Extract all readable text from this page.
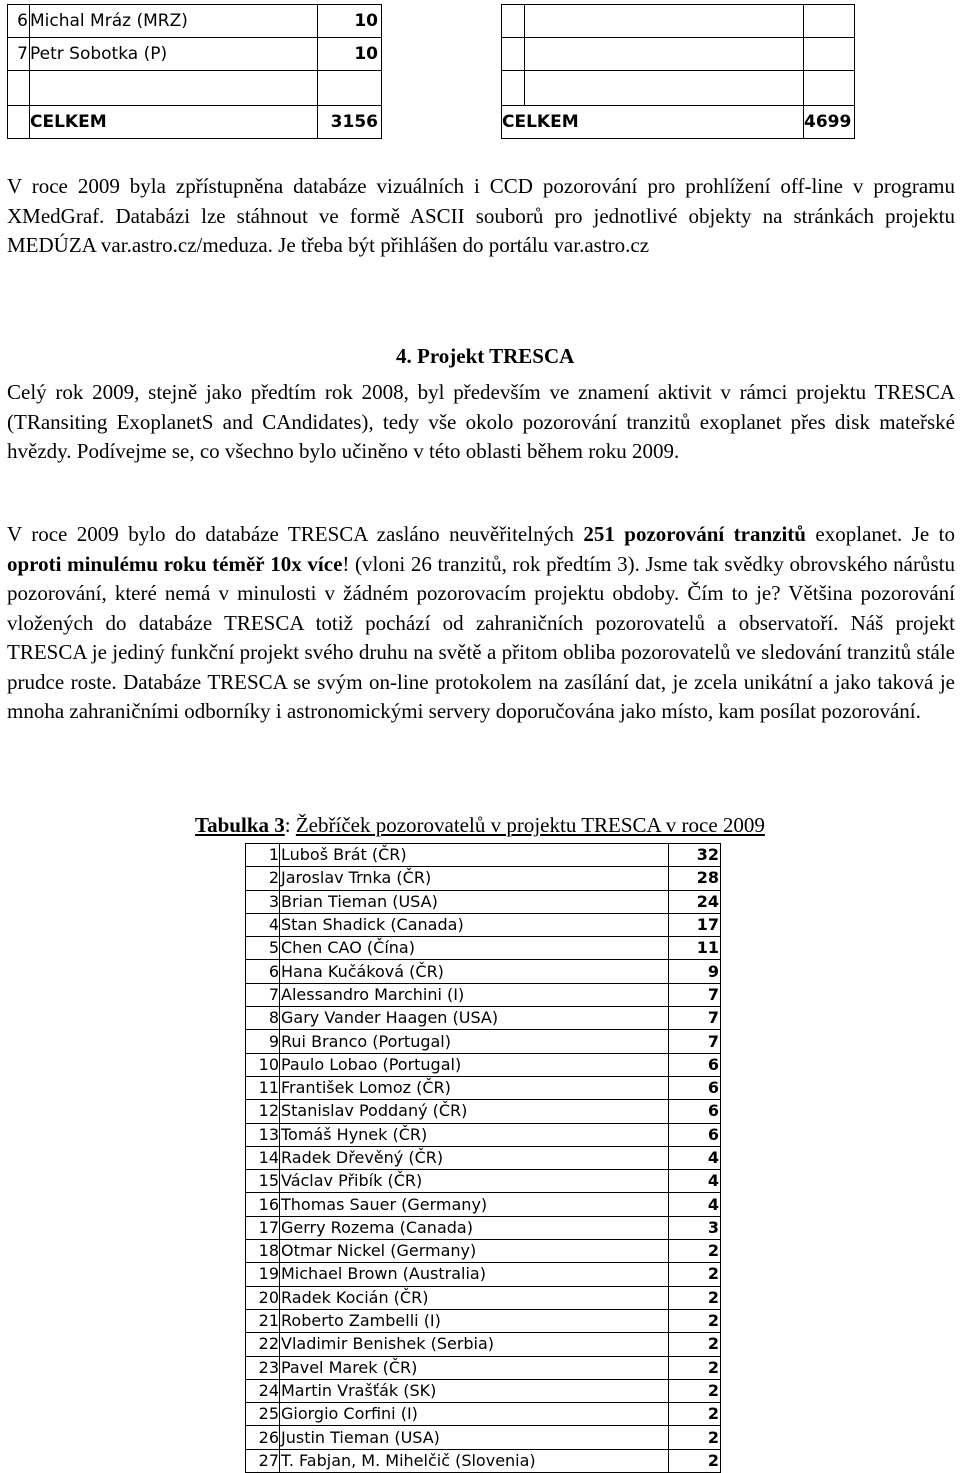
6	Michal Mráz (MRZ)	10
7	Petr Sobotka (P)	10

	CELKEM	3156

			CELKEM		4699

V roce 2009 byla zpřístupněna databáze vizuálních i CCD pozorování pro prohlížení off-line v programu XMedGraf. Databázi lze stáhnout ve formě ASCII souborů pro jednotlivé objekty na stránkách projektu MEDÚZA var.astro.cz/meduza. Je třeba být přihlášen do portálu var.astro.cz

4. Projekt TRESCA

Celý rok 2009, stejně jako předtím rok 2008, byl především ve znamení aktivit v rámci projektu TRESCA (TRansiting ExoplanetS and CAndidates), tedy vše okolo pozorování tranzitů exoplanet přes disk mateřské hvězdy. Podívejme se, co všechno bylo učiněno v této oblasti během roku 2009.

V roce 2009 bylo do databáze TRESCA zasláno neuvěřitelných 251 pozorování tranzitů exoplanet. Je to oproti minulému roku téměř 10x více! (vloni 26 tranzitů, rok předtím 3). Jsme tak svědky obrovského nárůstu pozorování, které nemá v minulosti v žádném pozorovacím projektu obdoby. Čím to je? Většina pozorování vložených do databáze TRESCA totiž pochází od zahraničních pozorovatelů a observatoří. Náš projekt TRESCA je jediný funkční projekt svého druhu na světě a přitom obliba pozorovatelů ve sledování tranzitů stále prudce roste. Databáze TRESCA se svým on-line protokolem na zasílání dat, je zcela unikátní a jako taková je mnoha zahraničními odborníky i astronomickými servery doporučována jako místo, kam posílat pozorování.

Tabulka 3: Žebříček pozorovatelů v projektu TRESCA v roce 2009
1	Luboš Brát (ČR)	32
2	Jaroslav Trnka (ČR)	28
3	Brian Tieman (USA)	24
4	Stan Shadick (Canada)	17
5	Chen CAO (Čína)	11
6	Hana Kučáková (ČR)	9
7	Alessandro Marchini (I)	7
8	Gary Vander Haagen (USA)	7
9	Rui Branco (Portugal)	7
10	Paulo Lobao (Portugal)	6
11	František Lomoz (ČR)	6
12	Stanislav Poddaný (ČR)	6
13	Tomáš Hynek (ČR)	6
14	Radek Dřevěný (ČR)	4
15	Václav Přibík (ČR)	4
16	Thomas Sauer (Germany)	4
17	Gerry Rozema (Canada)	3
18	Otmar Nickel (Germany)	2
19	Michael Brown (Australia)	2
20	Radek Kocián (ČR)	2
21	Roberto Zambelli (I)	2
22	Vladimir Benishek (Serbia)	2
23	Pavel Marek (ČR)	2
24	Martin Vrašťák (SK)	2
25	Giorgio Corfini (I)	2
26	Justin Tieman (USA)	2
27	T. Fabjan, M. Mihelčič (Slovenia)	2
